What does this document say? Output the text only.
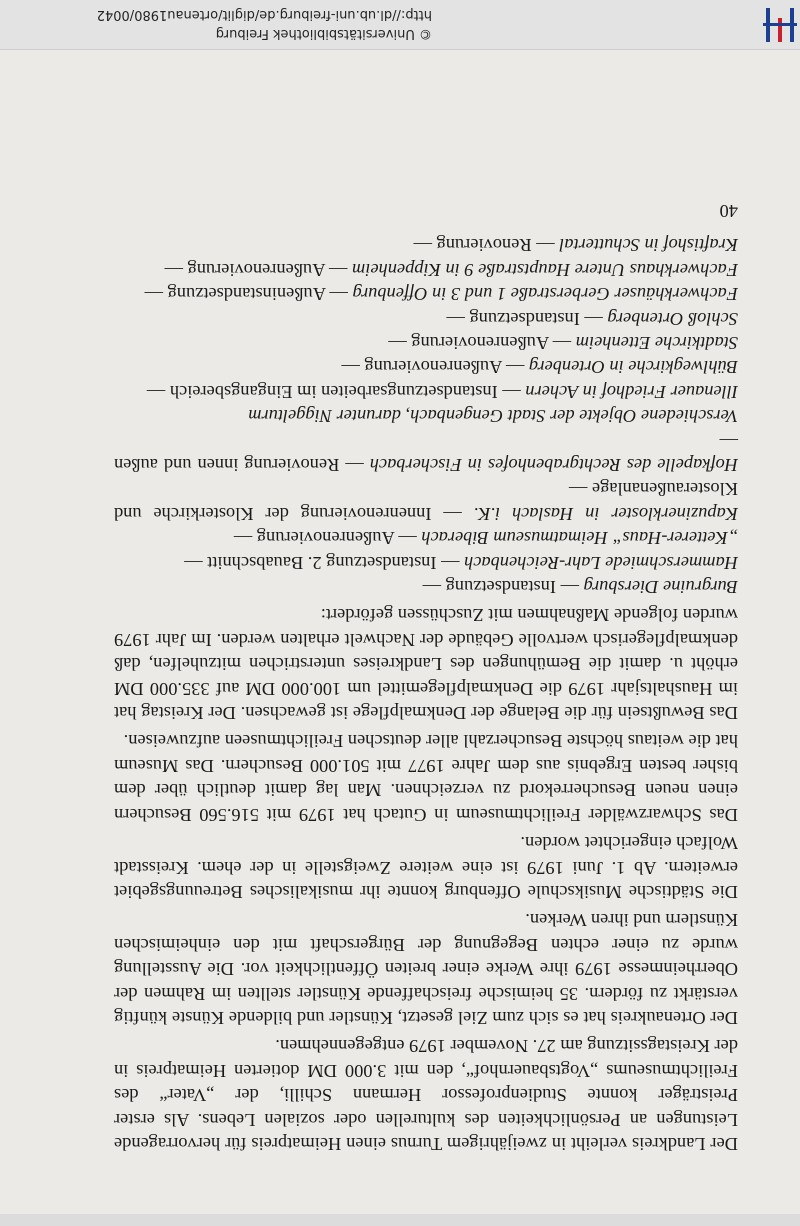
Der Landkreis verleiht in zweijährigem Turnus einen Heimatpreis für hervorragende Leistungen an Persönlichkeiten des kulturellen oder sozialen Lebens. Als erster Preisträger konnte Studienprofessor Hermann Schilli, der „Vater“ des Freilichtmuseums „Vogtsbauernhof“, den mit 3.000 DM dotierten Heimatpreis in der Kreistagssitzung am 27. November 1979 entgegennehmen.

Der Ortenaukreis hat es sich zum Ziel gesetzt, Künstler und bildende Künste künftig verstärkt zu fördern. 35 heimische freischaffende Künstler stellten im Rahmen der Oberrheinmesse 1979 ihre Werke einer breiten Öffentlichkeit vor. Die Ausstellung wurde zu einer echten Begegnung der Bürgerschaft mit den einheimischen Künstlern und ihren Werken.

Die Städtische Musikschule Offenburg konnte ihr musikalisches Betreuungsgebiet erweitern. Ab 1. Juni 1979 ist eine weitere Zweigstelle in der ehem. Kreisstadt Wolfach eingerichtet worden.

Das Schwarzwälder Freilichtmuseum in Gutach hat 1979 mit 516.560 Besuchern einen neuen Besucherrekord zu verzeichnen. Man lag damit deutlich über dem bisher besten Ergebnis aus dem Jahre 1977 mit 501.000 Besuchern. Das Museum hat die weitaus höchste Besucherzahl aller deutschen Freilichtmuseen aufzuweisen.

Das Bewußtsein für die Belange der Denkmalpflege ist gewachsen. Der Kreistag hat im Haushaltsjahr 1979 die Denkmalpflegemittel um 100.000 DM auf 335.000 DM erhöht u. damit die Bemühungen des Landkreises unterstrichen mitzuhelfen, daß denkmalpflegerisch wertvolle Gebäude der Nachwelt erhalten werden. Im Jahr 1979 wurden folgende Maßnahmen mit Zuschüssen gefördert:

Burgruine Diersburg — Instandsetzung —

Hammerschmiede Lahr-Reichenbach — Instandsetzung 2. Bauabschnitt —

„Ketterer-Haus“ Heimatmuseum Biberach — Außenrenovierung —

Kapuzinerkloster in Haslach i.K. — Innenrenovierung der Klosterkirche und Klosteraußenanlage —

Hofkapelle des Rechtgrabenhofes in Fischerbach — Renovierung innen und außen —

Verschiedene Objekte der Stadt Gengenbach, darunter Niggelturm

Illenauer Friedhof in Achern — Instandsetzungsarbeiten im Eingangsbereich —

Bühlwegkirche in Ortenberg — Außenrenovierung —

Stadtkirche Ettenheim — Außenrenovierung —

Schloß Ortenberg — Instandsetzung —

Fachwerkhäuser Gerberstraße 1 und 3 in Offenburg — Außeninstandsetzung —

Fachwerkhaus Untere Hauptstraße 9 in Kippenheim — Außenrenovierung —

Kraftishof in Schuttertal — Renovierung —

40
© Universitätsbibliothek Freiburg
http://dl.ub.uni-freiburg.de/diglit/ortenau1980/0042
